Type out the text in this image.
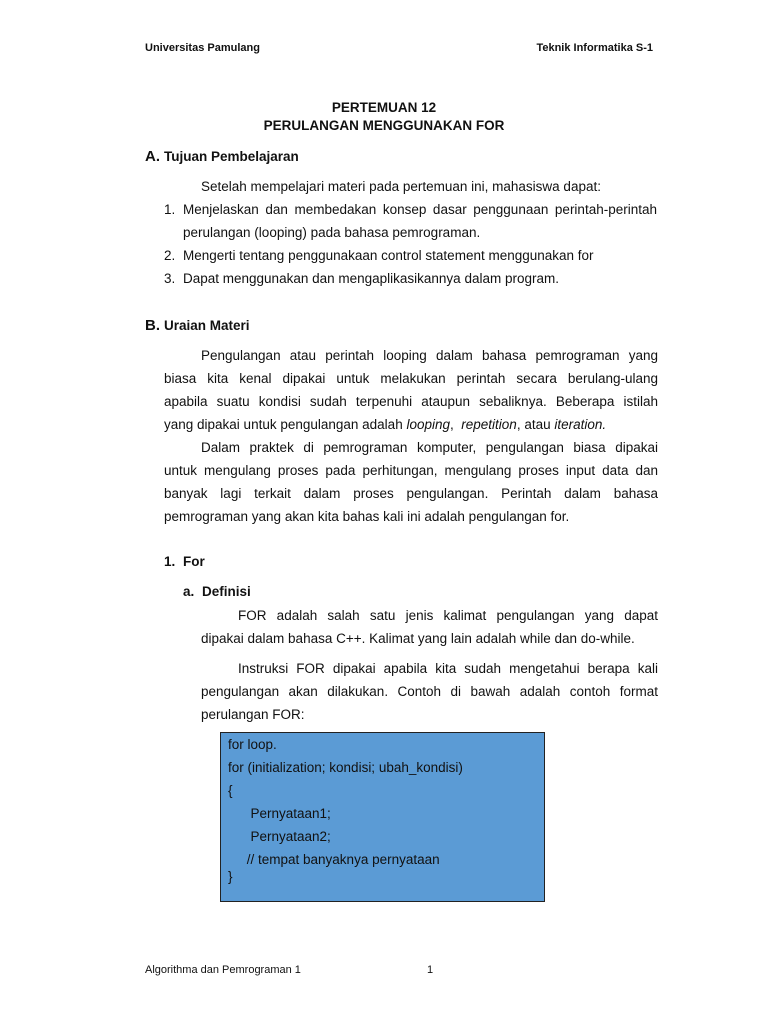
Universitas Pamulang	Teknik Informatika S-1
PERTEMUAN 12
PERULANGAN MENGGUNAKAN FOR
A. Tujuan Pembelajaran
Setelah mempelajari materi pada pertemuan ini, mahasiswa dapat:
1. Menjelaskan dan membedakan konsep dasar penggunaan perintah-perintah
perulangan (looping) pada bahasa pemrograman.
2. Mengerti tentang penggunakaan control statement menggunakan for
3. Dapat menggunakan dan mengaplikasikannya dalam program.
B. Uraian Materi
Pengulangan atau perintah looping dalam bahasa pemrograman yang
biasa kita kenal dipakai untuk melakukan perintah secara berulang-ulang
apabila suatu kondisi sudah terpenuhi ataupun sebaliknya. Beberapa istilah
yang dipakai untuk pengulangan adalah looping,  repetition, atau iteration.
Dalam praktek di pemrograman komputer, pengulangan biasa dipakai
untuk mengulang proses pada perhitungan, mengulang proses input data dan
banyak lagi terkait dalam proses pengulangan. Perintah dalam bahasa
pemrograman yang akan kita bahas kali ini adalah pengulangan for.
1. For
a. Definisi
FOR adalah salah satu jenis kalimat pengulangan yang dapat
dipakai dalam bahasa C++. Kalimat yang lain adalah while dan do-while.
Instruksi FOR dipakai apabila kita sudah mengetahui berapa kali
pengulangan akan dilakukan. Contoh di bawah adalah contoh format
perulangan FOR:
for loop.
for (initialization; kondisi; ubah_kondisi)
{
Pernyataan1;
Pernyataan2;
// tempat banyaknya pernyataan
}
Algorithma dan Pemrograman 1	1
